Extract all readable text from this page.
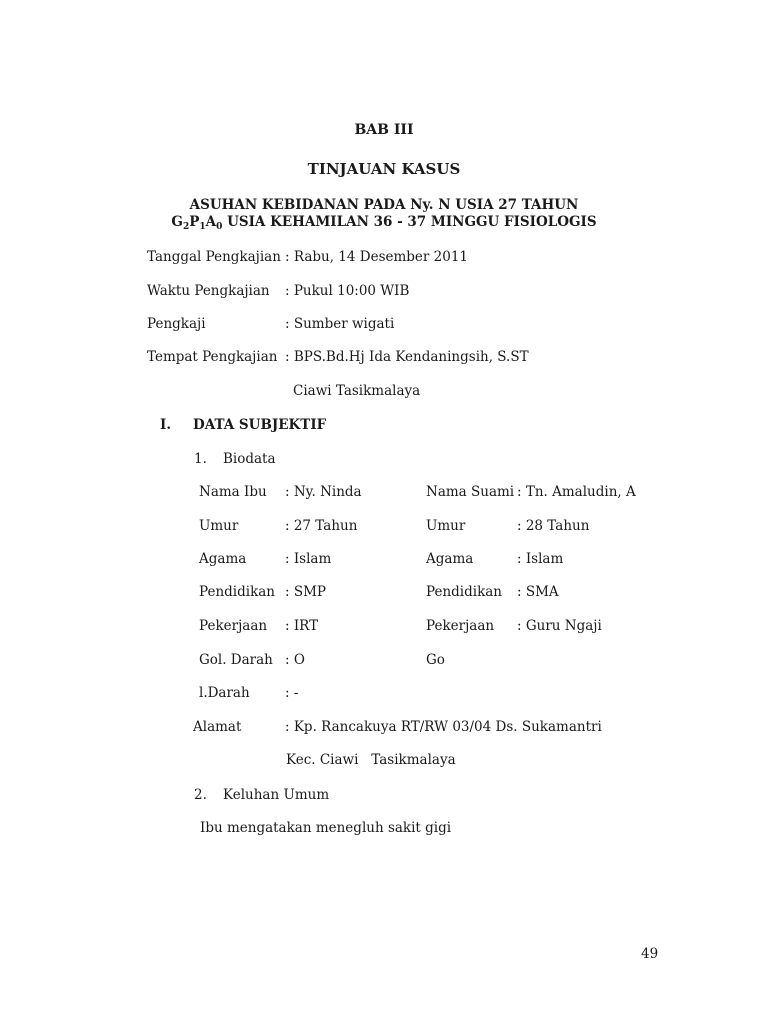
BAB III
TINJAUAN KASUS
ASUHAN KEBIDANAN PADA Ny. N USIA 27 TAHUN
$G_2P_1A_0$ USIA KEHAMILAN 36 - 37 MINGGU FISIOLOGIS
Tanggal Pengkajian : Rabu, 14 Desember 2011
Waktu Pengkajian : Pukul 10:00 WIB
Pengkaji	: Sumber wigati
Tempat Pengkajian : BPS.Bd.Hj Ida Kendaningsih, S.ST
Ciawi Tasikmalaya
I. DATA SUBJEKTIF
1. Biodata
Nama Ibu : Ny. Ninda	Nama Suami : Tn. Amaludin, A
Umur	: 27 Tahun	Umur	: 28 Tahun
Agama	: Islam	Agama	: Islam
Pendidikan : SMP	Pendidikan : SMA
Pekerjaan : IRT	Pekerjaan : Guru Ngaji
Gol. Darah : O	Go
l.Darah	: -
Alamat	: Kp. Rancakuya RT/RW 03/04 Ds. Sukamantri
Kec. Ciawi   Tasikmalaya
2. Keluhan Umum
Ibu mengatakan menegluh sakit gigi
49
